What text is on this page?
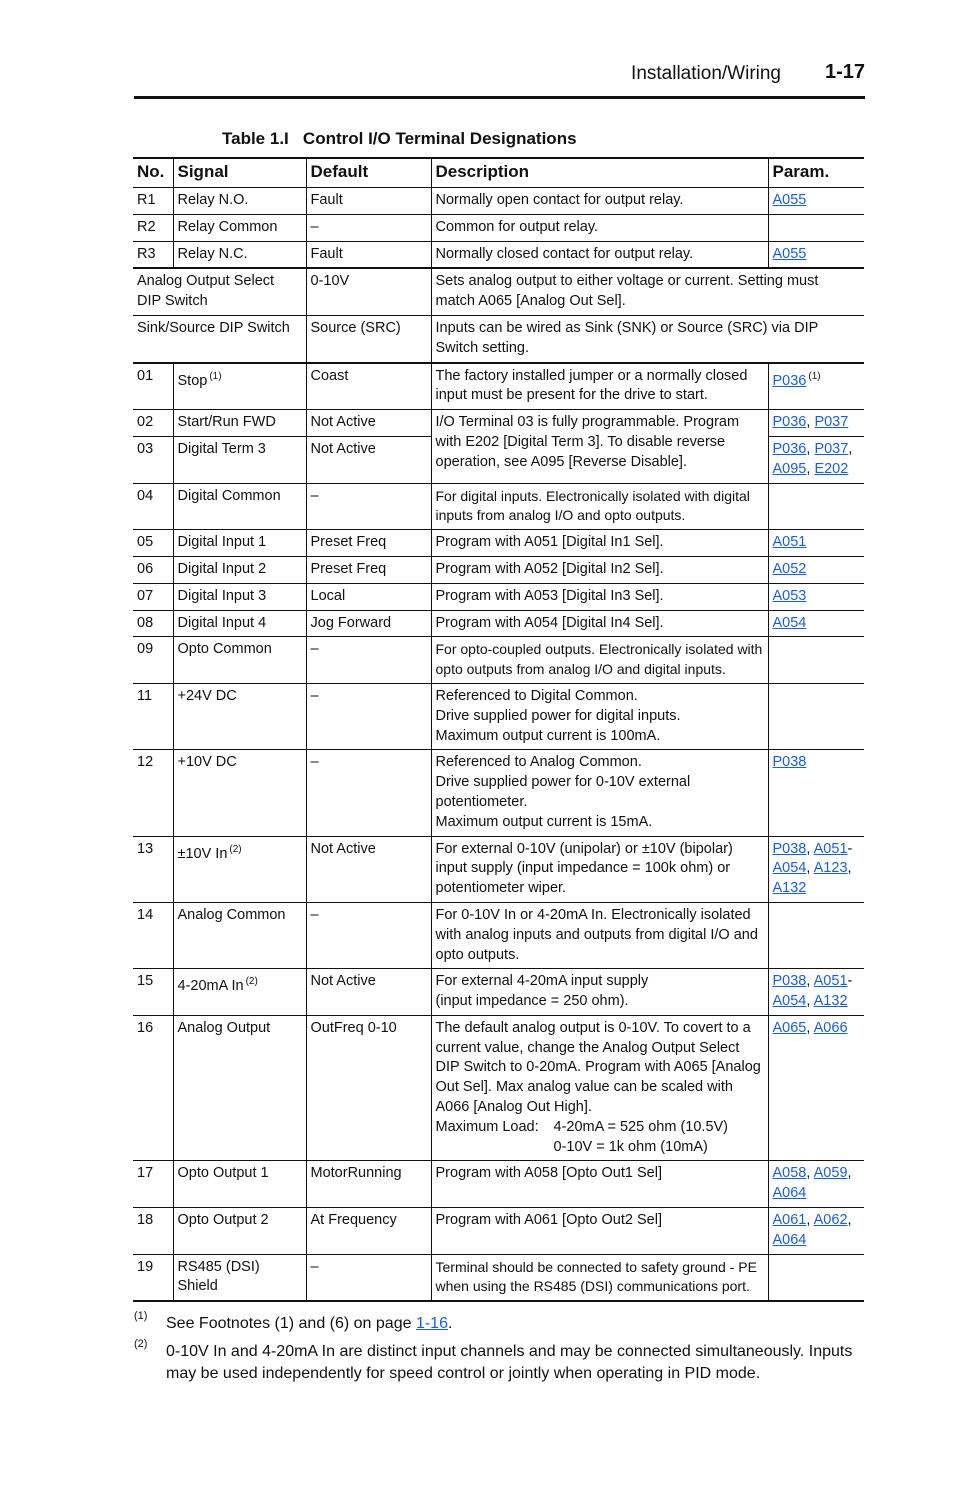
Installation/Wiring 1-17
Table 1.I   Control I/O Terminal Designations
No.	Signal	Default	Description	Param.
R1	Relay N.O.	Fault	Normally open contact for output relay.	A055
R2	Relay Common	–	Common for output relay.	
R3	Relay N.C.	Fault	Normally closed contact for output relay.	A055
Analog Output Select DIP Switch		0-10V	Sets analog output to either voltage or current. Setting must match A065 [Analog Out Sel].	
Sink/Source DIP Switch		Source (SRC)	Inputs can be wired as Sink (SNK) or Source (SRC) via DIP Switch setting.	
01	Stop $^{(1)}$	Coast	The factory installed jumper or a normally closed input must be present for the drive to start.	P036 $^{(1)}$
02	Start/Run FWD	Not Active	I/O Terminal 03 is fully programmable. Program with E202 [Digital Term 3]. To disable reverse operation, see A095 [Reverse Disable].	P036, P037
03	Digital Term 3	Not Active		P036, P037, A095, E202
04	Digital Common	–	For digital inputs. Electronically isolated with digital inputs from analog I/O and opto outputs.	
05	Digital Input 1	Preset Freq	Program with A051 [Digital In1 Sel].	A051
06	Digital Input 2	Preset Freq	Program with A052 [Digital In2 Sel].	A052
07	Digital Input 3	Local	Program with A053 [Digital In3 Sel].	A053
08	Digital Input 4	Jog Forward	Program with A054 [Digital In4 Sel].	A054
09	Opto Common	–	For opto-coupled outputs. Electronically isolated with opto outputs from analog I/O and digital inputs.	
11	+24V DC	–	Referenced to Digital Common.
Drive supplied power for digital inputs.
Maximum output current is 100mA.	

12	+10V DC	–	Referenced to Analog Common.
Drive supplied power for 0-10V external potentiometer.
Maximum output current is 15mA.	P038
13	±10V In $^{(2)}$	Not Active	For external 0-10V (unipolar) or ±10V (bipolar) input supply (input impedance = 100k ohm) or potentiometer wiper.	P038, A051-A054, A123, A132
14	Analog Common	–	For 0-10V In or 4-20mA In. Electronically isolated with analog inputs and outputs from digital I/O and opto outputs.	
15	4-20mA In $^{(2)}$	Not Active	For external 4-20mA input supply
(input impedance = 250 ohm).	P038, A051-A054, A132
16	Analog Output	OutFreq 0-10	The default analog output is 0-10V. To covert to a current value, change the Analog Output Select DIP Switch to 0-20mA. Program with A065 [Analog Out Sel]. Max analog value can be scaled with A066 [Analog Out High].
Maximum Load: 4-20mA = 525 ohm (10.5V)
0-10V = 1k ohm (10mA)	A065, A066
17	Opto Output 1	MotorRunning	Program with A058 [Opto Out1 Sel]	A058, A059, A064
18	Opto Output 2	At Frequency	Program with A061 [Opto Out2 Sel]	A061, A062, A064
19	RS485 (DSI) Shield	–	Terminal should be connected to safety ground - PE when using the RS485 (DSI) communications port.	
(1) See Footnotes (1) and (6) on page 1-16.
(2) 0-10V In and 4-20mA In are distinct input channels and may be connected simultaneously. Inputs may be used independently for speed control or jointly when operating in PID mode.
